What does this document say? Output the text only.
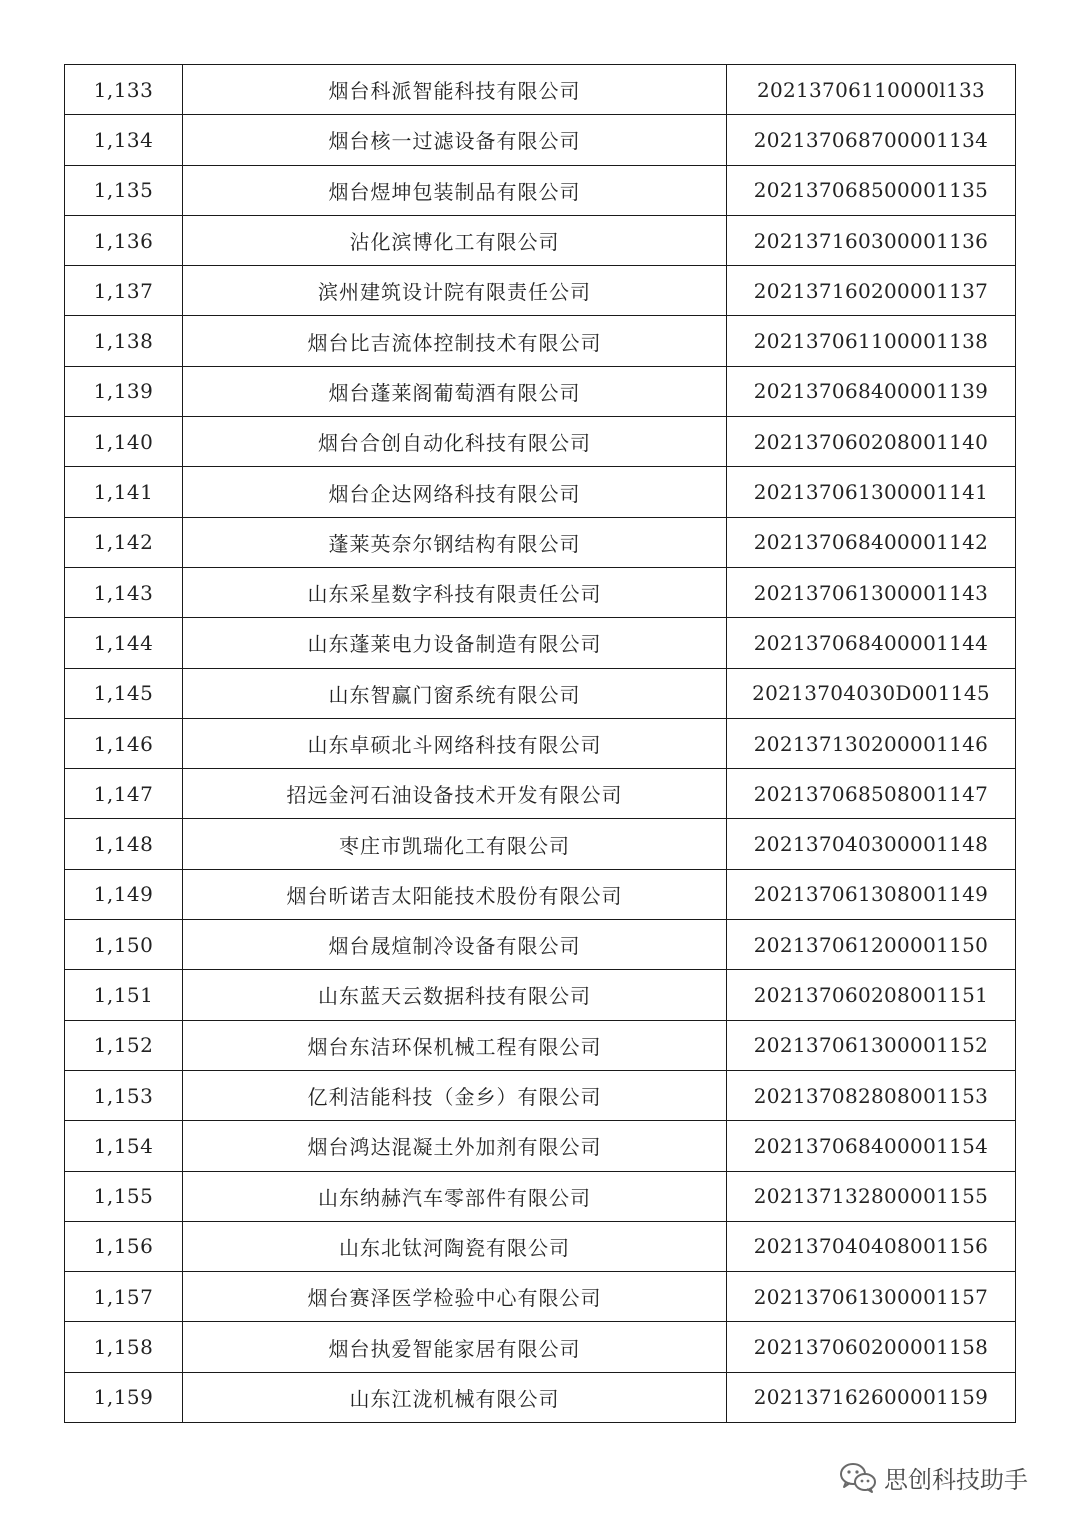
1,133	烟台科派智能科技有限公司	20213706110000l133
1,134	烟台核一过滤设备有限公司	202137068700001134
1,135	烟台煜坤包装制品有限公司	202137068500001135
1,136	沾化滨博化工有限公司	202137160300001136
1,137	滨州建筑设计院有限责任公司	202137160200001137
1,138	烟台比吉流体控制技术有限公司	202137061100001138
1,139	烟台蓬莱阁葡萄酒有限公司	202137068400001139
1,140	烟台合创自动化科技有限公司	202137060208001140
1,141	烟台企达网络科技有限公司	202137061300001141
1,142	蓬莱英奈尔钢结构有限公司	202137068400001142
1,143	山东采星数字科技有限责任公司	202137061300001143
1,144	山东蓬莱电力设备制造有限公司	202137068400001144
1,145	山东智赢门窗系统有限公司	20213704030D001145
1,146	山东卓硕北斗网络科技有限公司	202137130200001146
1,147	招远金河石油设备技术开发有限公司	202137068508001147
1,148	枣庄市凯瑞化工有限公司	202137040300001148
1,149	烟台昕诺吉太阳能技术股份有限公司	202137061308001149
1,150	烟台晟煊制冷设备有限公司	202137061200001150
1,151	山东蓝天云数据科技有限公司	202137060208001151
1,152	烟台东洁环保机械工程有限公司	202137061300001152
1,153	亿利洁能科技（金乡）有限公司	202137082808001153
1,154	烟台鸿达混凝土外加剂有限公司	202137068400001154
1,155	山东纳赫汽车零部件有限公司	202137132800001155
1,156	山东北钛河陶瓷有限公司	202137040408001156
1,157	烟台赛泽医学检验中心有限公司	202137061300001157
1,158	烟台执爱智能家居有限公司	202137060200001158
1,159	山东江泷机械有限公司	202137162600001159
思创科技助手
